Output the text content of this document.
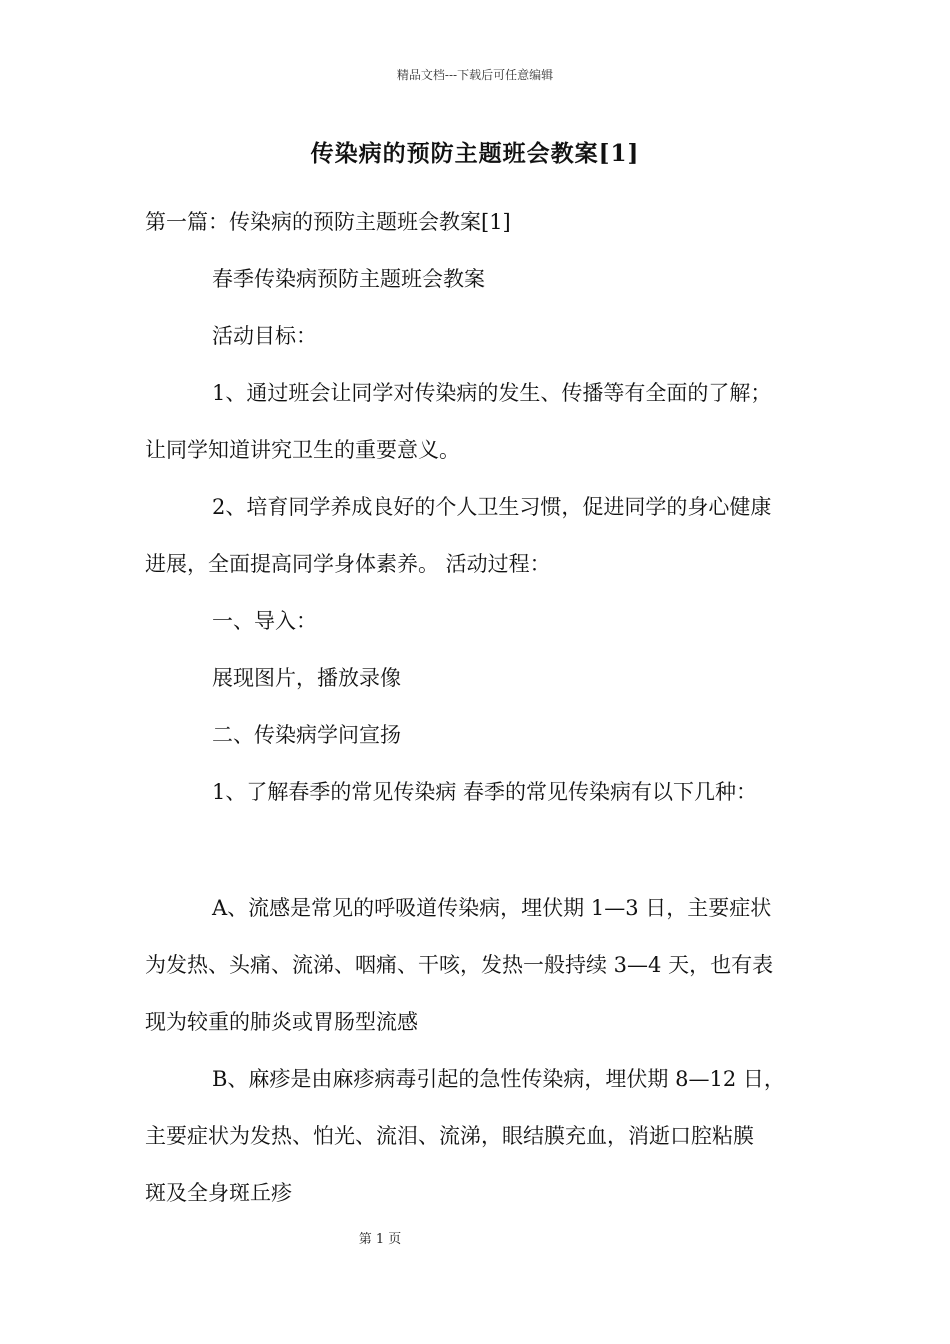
精品文档---下载后可任意编辑
传染病的预防主题班会教案[1]
第一篇：传染病的预防主题班会教案[1]
春季传染病预防主题班会教案
活动目标：
1、通过班会让同学对传染病的发生、传播等有全面的了解；
让同学知道讲究卫生的重要意义。
2、培育同学养成良好的个人卫生习惯，促进同学的身心健康
进展，全面提高同学身体素养。 活动过程：
一、导入：
展现图片，播放录像
二、传染病学问宣扬
1、了解春季的常见传染病 春季的常见传染病有以下几种：
A、流感是常见的呼吸道传染病，埋伏期 1—3 日，主要症状
为发热、头痛、流涕、咽痛、干咳，发热一般持续 3—4 天，也有表
现为较重的肺炎或胃肠型流感
B、麻疹是由麻疹病毒引起的急性传染病，埋伏期 8—12 日，
主要症状为发热、怕光、流泪、流涕，眼结膜充血，消逝口腔粘膜
斑及全身斑丘疹
第 1 页
